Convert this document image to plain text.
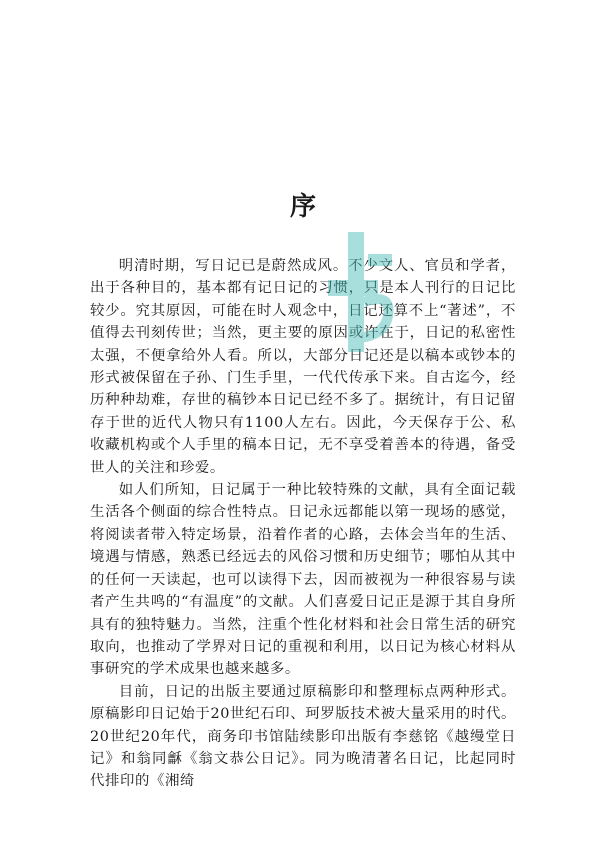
序

明清时期，写日记已是蔚然成风。不少文人、官员和学者，出于各种目的，基本都有记日记的习惯，只是本人刊行的日记比较少。究其原因，可能在时人观念中，日记还算不上“著述”，不值得去刊刻传世；当然，更主要的原因或许在于，日记的私密性太强，不便拿给外人看。所以，大部分日记还是以稿本或钞本的形式被保留在子孙、门生手里，一代代传承下来。自古迄今，经历种种劫难，存世的稿钞本日记已经不多了。据统计，有日记留存于世的近代人物只有1100人左右。因此，今天保存于公、私收藏机构或个人手里的稿本日记，无不享受着善本的待遇，备受世人的关注和珍爱。

如人们所知，日记属于一种比较特殊的文献，具有全面记载生活各个侧面的综合性特点。日记永远都能以第一现场的感觉，将阅读者带入特定场景，沿着作者的心路，去体会当年的生活、境遇与情感，熟悉已经远去的风俗习惯和历史细节；哪怕从其中的任何一天读起，也可以读得下去，因而被视为一种很容易与读者产生共鸣的“有温度”的文献。人们喜爱日记正是源于其自身所具有的独特魅力。当然，注重个性化材料和社会日常生活的研究取向，也推动了学界对日记的重视和利用，以日记为核心材料从事研究的学术成果也越来越多。

目前，日记的出版主要通过原稿影印和整理标点两种形式。原稿影印日记始于20世纪石印、珂罗版技术被大量采用的时代。20世纪20年代，商务印书馆陆续影印出版有李慈铭《越缦堂日记》和翁同龢《翁文恭公日记》。同为晚清著名日记，比起同时代排印的《湘绮
